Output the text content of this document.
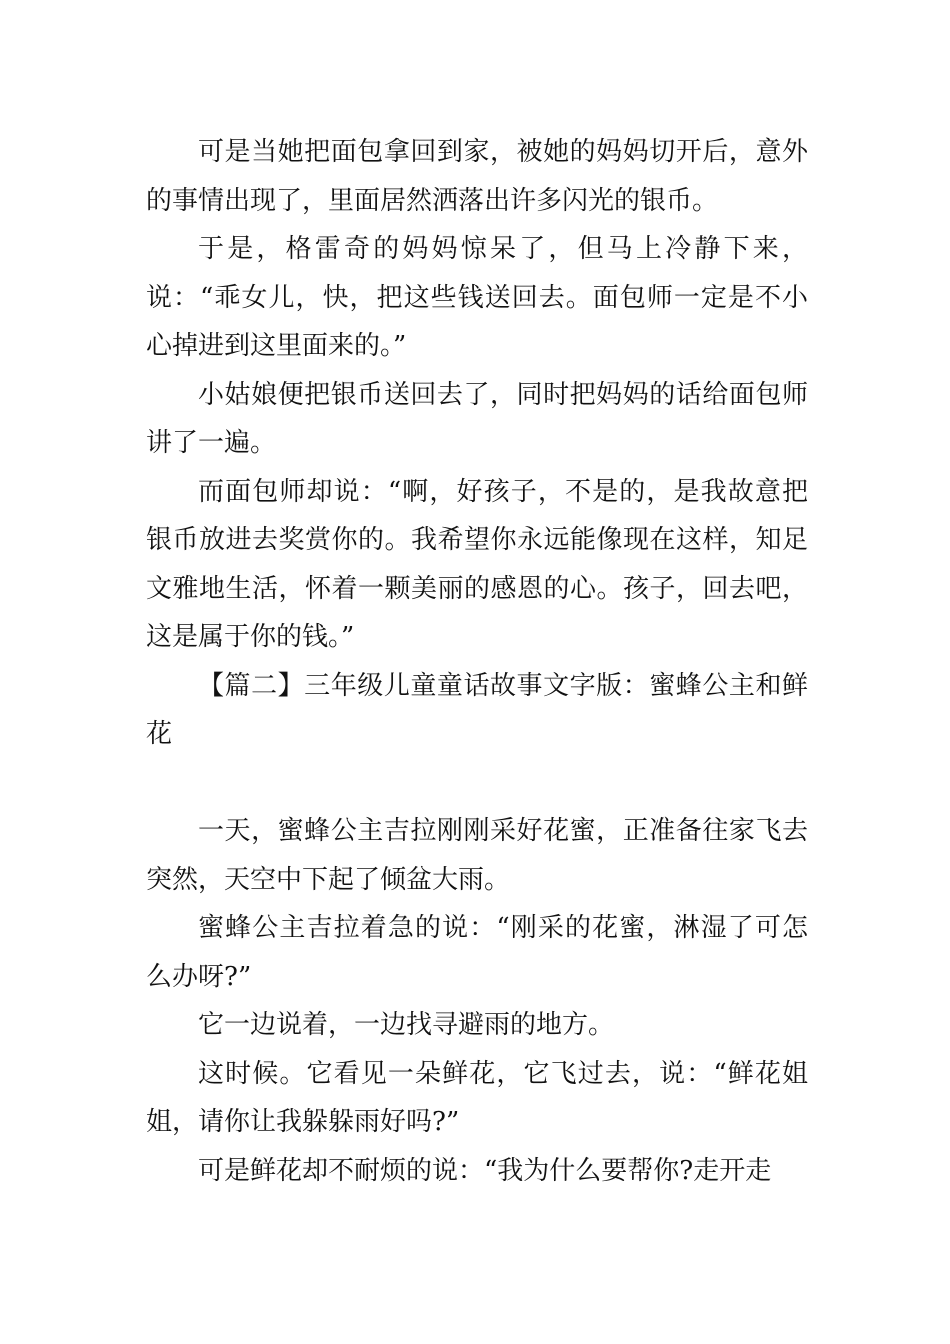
可是当她把面包拿回到家，被她的妈妈切开后，意外的事情出现了，里面居然洒落出许多闪光的银币。

于是，格雷奇的妈妈惊呆了，但马上冷静下来，说：“乖女儿，快，把这些钱送回去。面包师一定是不小心掉进到这里面来的。”

小姑娘便把银币送回去了，同时把妈妈的话给面包师讲了一遍。

而面包师却说：“啊，好孩子，不是的，是我故意把银币放进去奖赏你的。我希望你永远能像现在这样，知足文雅地生活，怀着一颗美丽的感恩的心。孩子，回去吧，这是属于你的钱。”

【篇二】三年级儿童童话故事文字版：蜜蜂公主和鲜花

一天，蜜蜂公主吉拉刚刚采好花蜜，正准备往家飞去突然，天空中下起了倾盆大雨。

蜜蜂公主吉拉着急的说：“刚采的花蜜，淋湿了可怎么办呀?”

它一边说着，一边找寻避雨的地方。

这时候。它看见一朵鲜花，它飞过去，说：“鲜花姐姐，请你让我躲躲雨好吗?”

可是鲜花却不耐烦的说：“我为什么要帮你?走开走
